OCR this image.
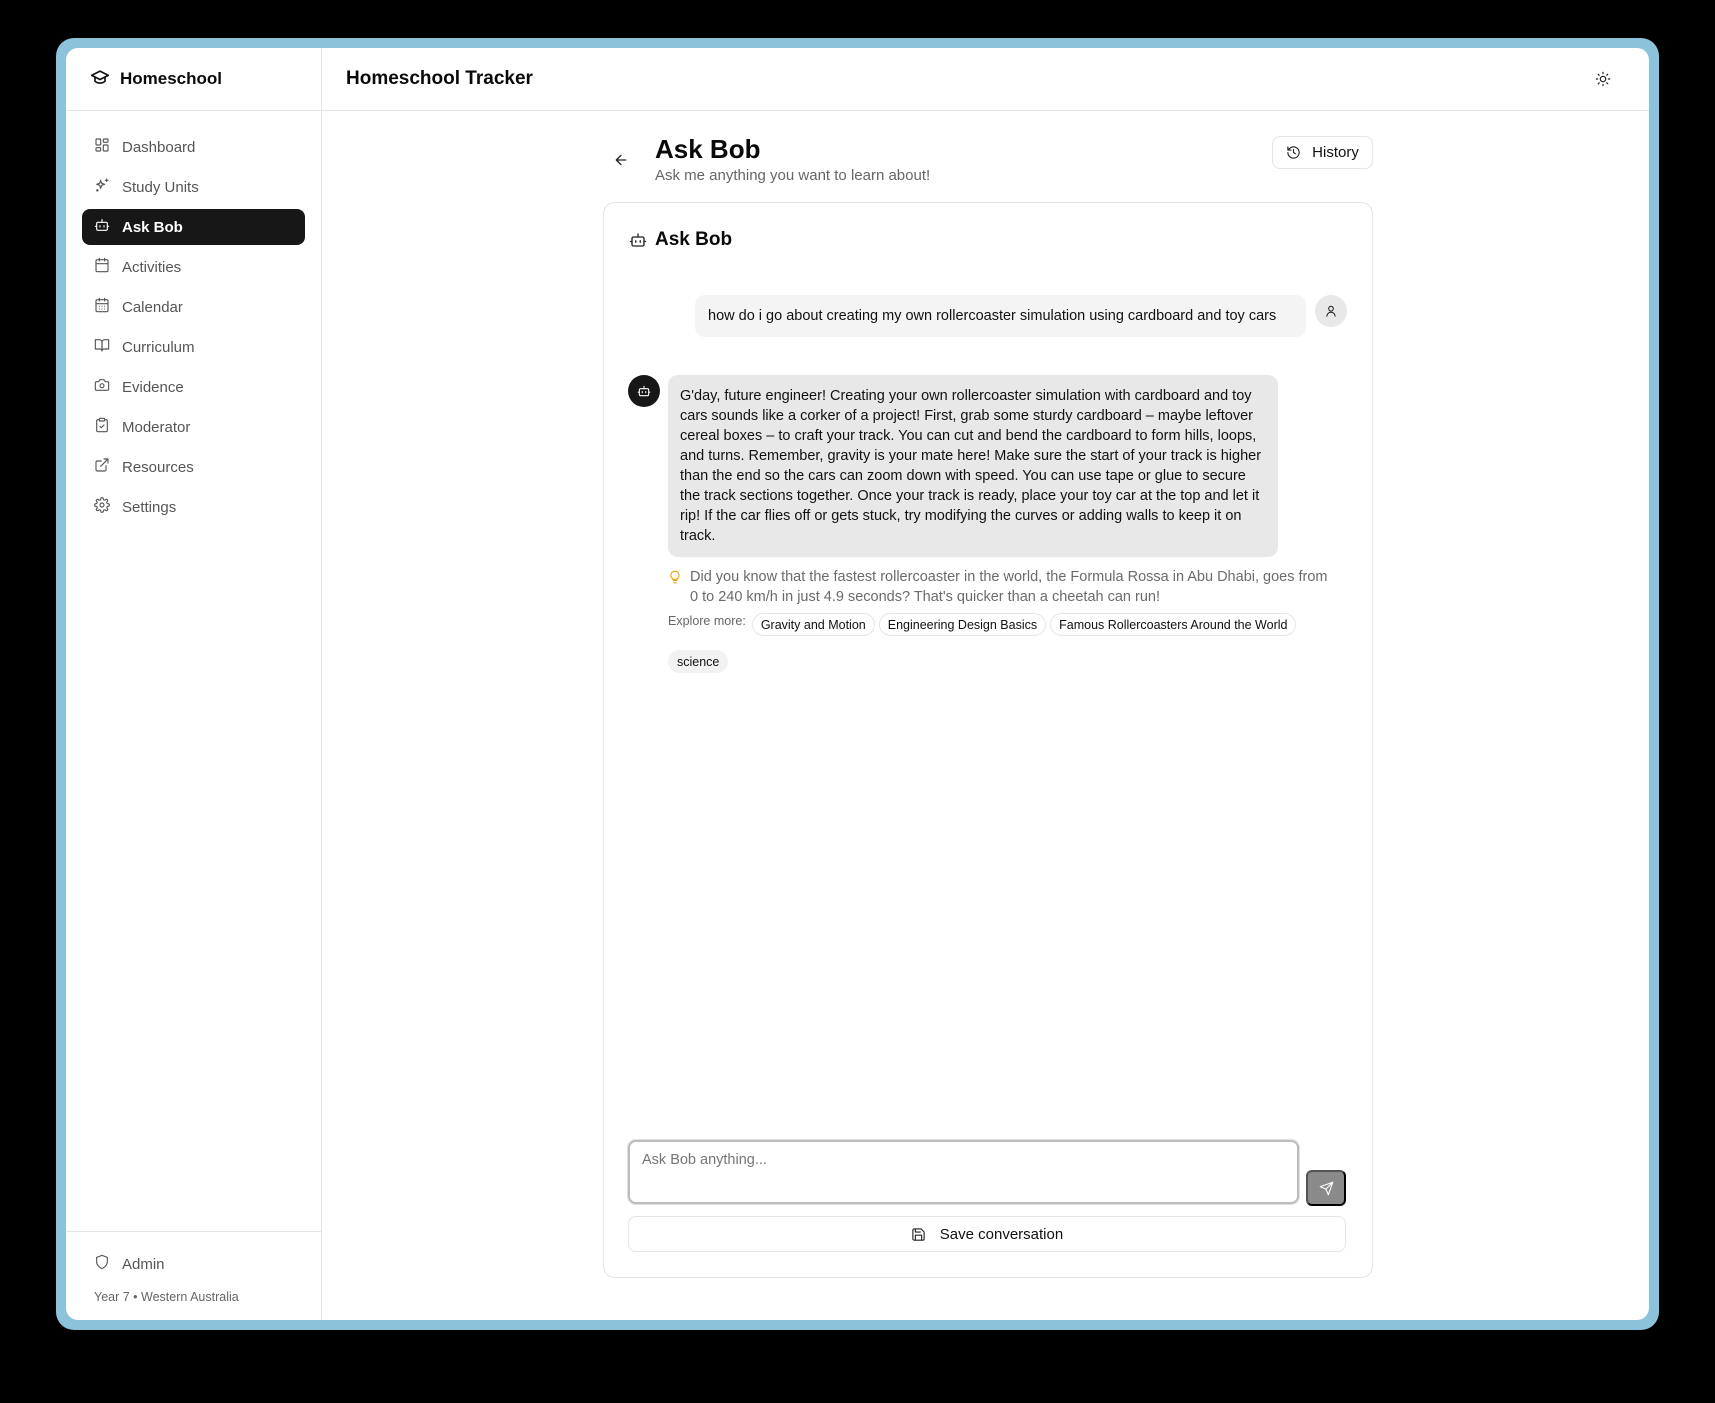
Homeschool
Dashboard
Study Units
Ask Bob
Activities
Calendar
Curriculum
Evidence
Moderator
Resources
Settings
Admin
Year 7 • Western Australia
Homeschool Tracker
Ask Bob
Ask me anything you want to learn about!
History
Ask Bob
how do i go about creating my own rollercoaster simulation using cardboard and toy cars
G'day, future engineer! Creating your own rollercoaster simulation with cardboard and toy cars sounds like a corker of a project! First, grab some sturdy cardboard – maybe leftover cereal boxes – to craft your track. You can cut and bend the cardboard to form hills, loops, and turns. Remember, gravity is your mate here! Make sure the start of your track is higher than the end so the cars can zoom down with speed. You can use tape or glue to secure the track sections together. Once your track is ready, place your toy car at the top and let it rip! If the car flies off or gets stuck, try modifying the curves or adding walls to keep it on track.
Did you know that the fastest rollercoaster in the world, the Formula Rossa in Abu Dhabi, goes from 0 to 240 km/h in just 4.9 seconds? That's quicker than a cheetah can run!
Explore more:	Gravity and Motion	Engineering Design Basics	Famous Rollercoasters Around the World
science
Ask Bob anything...
Save conversation
